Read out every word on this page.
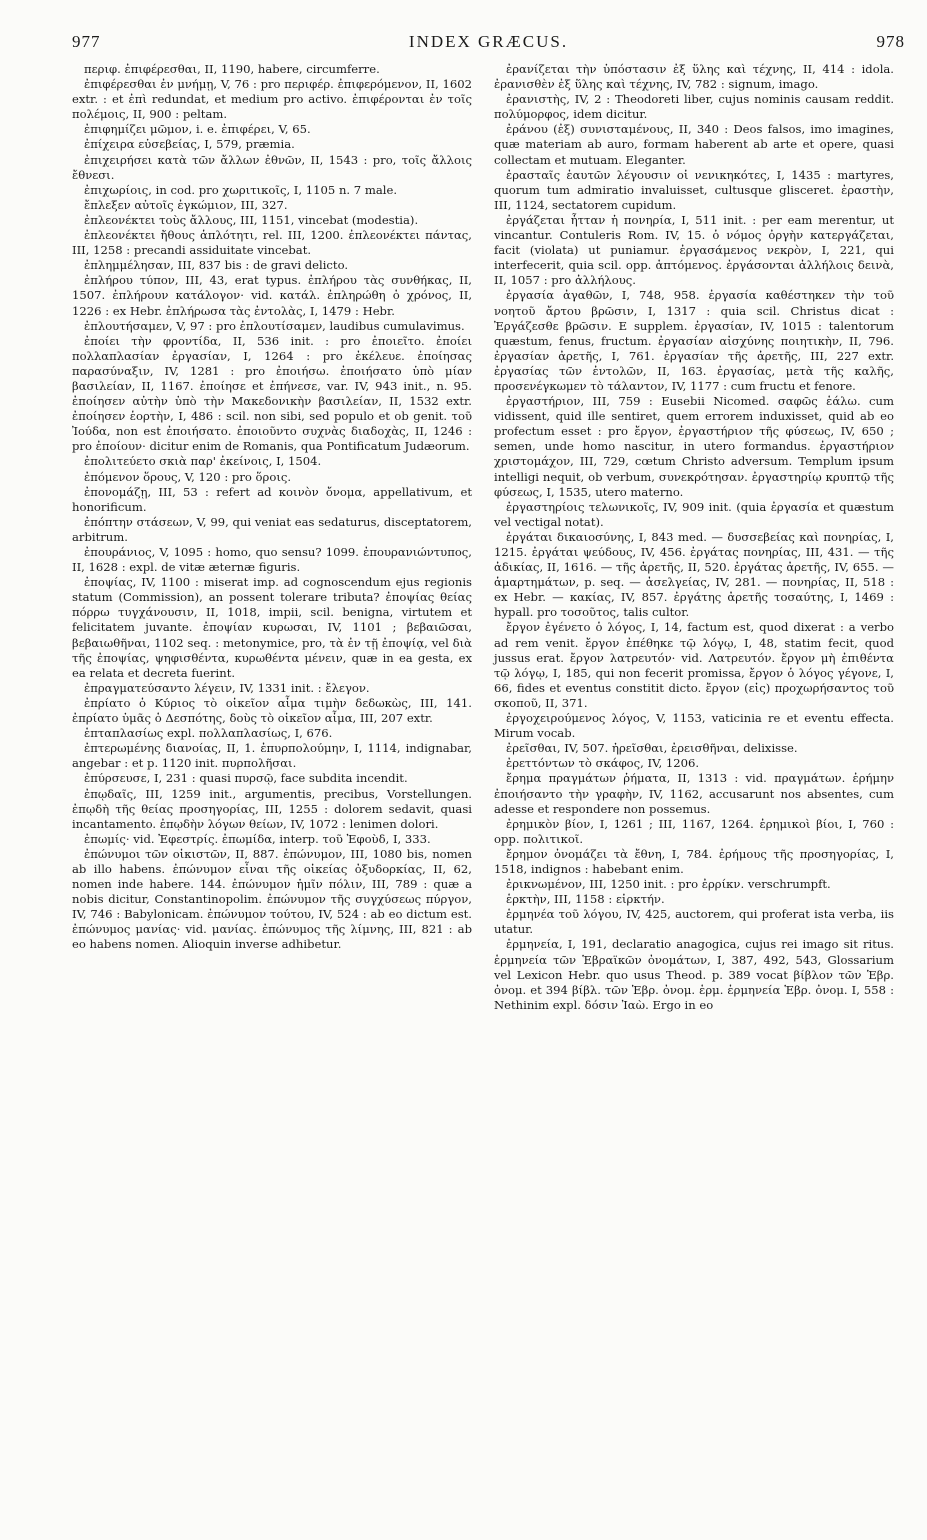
977	INDEX GRÆCUS.	978

περιφ. ἐπιφέρεσθαι, II, 1190, habere, circumferre.

ἐπιφέρεσθαι ἐν μνήμῃ, V, 76 : pro περιφέρ. ἐπιφερόμενον, II, 1602 extr. : et ἐπὶ redundat, et medium pro activo. ἐπιφέρονται ἐν τοῖς πολέμοις, II, 900 : peltam.

ἐπιφημίζει μῶμον, i. e. ἐπιφέρει, V, 65.

ἐπίχειρα εὐσεβείας, I, 579, præmia.

ἐπιχειρήσει κατὰ τῶν ἄλλων ἐθνῶν, II, 1543 : pro, τοῖς ἄλλοις ἔθνεσι.

ἐπιχωρίοις, in cod. pro χωριτικοῖς, I, 1105 n. 7 male.

ἔπλεξεν αὐτοῖς ἐγκώμιον, III, 327.

ἐπλεονέκτει τοὺς ἄλλους, III, 1151, vincebat (modestia).

ἐπλεονέκτει ἤθους ἁπλότητι, rel. III, 1200. ἐπλεονέκτει πάντας, III, 1258 : precandi assiduitate vincebat.

ἐπλημμέλησαν, III, 837 bis : de gravi delicto.

ἐπλήρου τύπον, III, 43, erat typus. ἐπλήρου τὰς συνθήκας, II, 1507. ἐπλήρουν κατάλογον· vid. κατάλ. ἐπληρώθη ὁ χρόνος, II, 1226 : ex Hebr. ἐπλήρωσα τὰς ἐντολὰς, I, 1479 : Hebr.

ἐπλουτήσαμεν, V, 97 : pro ἐπλουτίσαμεν, laudibus cumulavimus.

ἐποίει τὴν φροντίδα, II, 536 init. : pro ἐποιεῖτο. ἐποίει πολλαπλασίαν ἐργασίαν, I, 1264 : pro ἐκέλευε. ἐποίησας παρασύναξιν, IV, 1281 : pro ἐποιήσω. ἐποιήσατο ὑπὸ μίαν βασιλείαν, II, 1167. ἐποίησε et ἐπήνεσε, var. IV, 943 init., n. 95. ἐποίησεν αὐτὴν ὑπὸ τὴν Μακεδονικὴν βασιλείαν, II, 1532 extr. ἐποίησεν ἑορτὴν, I, 486 : scil. non sibi, sed populo et ob genit. τοῦ Ἰούδα, non est ἐποιήσατο. ἐποιοῦντο συχνὰς διαδοχὰς, II, 1246 : pro ἐποίουν· dicitur enim de Romanis, qua Pontificatum Judæorum.

ἐπολιτεύετο σκιὰ παρ' ἐκείνοις, I, 1504.

ἐπόμενον ὅρους, V, 120 : pro ὅροις.

ἐπονομάζῃ, III, 53 : refert ad κοινὸν ὄνομα, appellativum, et honorificum.

ἐπόπτην στάσεων, V, 99, qui veniat eas sedaturus, disceptatorem, arbitrum.

ἐπουράνιος, V, 1095 : homo, quo sensu? 1099. ἐπουρανιώντυπος, II, 1628 : expl. de vitæ æternæ figuris.

ἐποψίας, IV, 1100 : miserat imp. ad cognoscendum ejus regionis statum (Commission), an possent tolerare tributa? ἐποψίας θείας πόρρω τυγχάνουσιν, II, 1018, impii, scil. benigna, virtutem et felicitatem juvante. ἐποψίαν κυρωσαι, IV, 1101 ; βεβαιῶσαι, βεβαιωθῆναι, 1102 seq. : metonymice, pro, τὰ ἐν τῇ ἐποψίᾳ, vel διὰ τῆς ἐποψίας, ψηφισθέντα, κυρωθέντα μένειν, quæ in ea gesta, ex ea relata et decreta fuerint.

ἐπραγματεύσαντο λέγειν, IV, 1331 init. : ἔλεγον.

ἐπρίατο ὁ Κύριος τὸ οἰκεῖον αἷμα τιμὴν δεδωκὼς, III, 141. ἐπρίατο ὑμᾶς ὁ Δεσπότης, δοὺς τὸ οἰκεῖον αἷμα, III, 207 extr.

ἑπταπλασίως expl. πολλαπλασίως, I, 676.

ἐπτερωμένης διανοίας, II, 1. ἐπυρπολούμην, I, 1114, indignabar, angebar : et p. 1120 init. πυρπολῆσαι.

ἐπύρσευσε, I, 231 : quasi πυρσῷ, face subdita incendit.

ἐπῳδαῖς, III, 1259 init., argumentis, precibus, Vorstellungen. ἐπῳδὴ τῆς θείας προσηγορίας, III, 1255 : dolorem sedavit, quasi incantamento. ἐπῳδὴν λόγων θείων, IV, 1072 : lenimen dolori.

ἐπωμίς· vid. Ἐφεστρίς. ἐπωμίδα, interp. τοῦ Ἐφοὺδ, I, 333.

ἐπώνυμοι τῶν οἰκιστῶν, II, 887. ἐπώνυμον, III, 1080 bis, nomen ab illo habens. ἐπώνυμον εἶναι τῆς οἰκείας ὀξυδορκίας, II, 62, nomen inde habere. 144. ἐπώνυμον ἡμῖν πόλιν, III, 789 : quæ a nobis dicitur, Constantinopolim. ἐπώνυμον τῆς συγχύσεως πύργον, IV, 746 : Babylonicam. ἐπώνυμον τούτου, IV, 524 : ab eo dictum est. ἐπώνυμος μανίας· vid. μανίας. ἐπώνυμος τῆς λίμνης, III, 821 : ab eo habens nomen. Alioquin inverse adhibetur.

ἐρανίζεται τὴν ὑπόστασιν ἐξ ὕλης καὶ τέχνης, II, 414 : idola. ἐρανισθὲν ἐξ ὕλης καὶ τέχνης, IV, 782 : signum, imago.

ἐρανιστὴς, IV, 2 : Theodoreti liber, cujus nominis causam reddit. πολύμορφος, idem dicitur.

ἐράνου (ἐξ) συνισταμένους, II, 340 : Deos falsos, imo imagines, quæ materiam ab auro, formam haberent ab arte et opere, quasi collectam et mutuam. Eleganter.

ἐρασταῖς ἑαυτῶν λέγουσιν οἱ νενικηκότες, I, 1435 : martyres, quorum tum admiratio invaluisset, cultusque glisceret. ἐραστὴν, III, 1124, sectatorem cupidum.

ἐργάζεται ἧτταν ἡ πονηρία, I, 511 init. : per eam merentur, ut vincantur. Contuleris Rom. IV, 15. ὁ νόμος ὀργὴν κατεργάζεται, facit (violata) ut puniamur. ἐργασάμενος νεκρὸν, I, 221, qui interfecerit, quia scil. opp. ἁπτόμενος. ἐργάσονται ἀλλήλοις δεινὰ, II, 1057 : pro ἀλλήλους.

ἐργασία ἀγαθῶν, I, 748, 958. ἐργασία καθέστηκεν τὴν τοῦ νοητοῦ ἄρτου βρῶσιν, I, 1317 : quia scil. Christus dicat : Ἐργάζεσθε βρῶσιν. E supplem. ἐργασίαν, IV, 1015 : talentorum quæstum, fenus, fructum. ἐργασίαν αἰσχύνης ποιητικὴν, II, 796. ἐργασίαν ἀρετῆς, I, 761. ἐργασίαν τῆς ἀρετῆς, III, 227 extr. ἐργασίας τῶν ἐντολῶν, II, 163. ἐργασίας, μετὰ τῆς καλῆς, προσενέγκωμεν τὸ τάλαντον, IV, 1177 : cum fructu et fenore.

ἐργαστήριον, III, 759 : Eusebii Nicomed. σαφῶς ἑάλω. cum vidissent, quid ille sentiret, quem errorem induxisset, quid ab eo profectum esset : pro ἔργον, ἐργαστήριον τῆς φύσεως, IV, 650 ; semen, unde homo nascitur, in utero formandus. ἐργαστήριον χριστομάχον, III, 729, cœtum Christo adversum. Templum ipsum intelligi nequit, ob verbum, συνεκρότησαν. ἐργαστηρίῳ κρυπτῷ τῆς φύσεως, I, 1535, utero materno.

ἐργαστηρίοις τελωνικοῖς, IV, 909 init. (quia ἐργασία et quæstum vel vectigal notat).

ἐργάται δικαιοσύνης, I, 843 med. — δυσσεβείας καὶ πονηρίας, I, 1215. ἐργάται ψεύδους, IV, 456. ἐργάτας πονηρίας, III, 431. — τῆς ἀδικίας, II, 1616. — τῆς ἀρετῆς, II, 520. ἐργάτας ἀρετῆς, IV, 655. — ἁμαρτημάτων, p. seq. — ἀσελγείας, IV, 281. — πονηρίας, II, 518 : ex Hebr. — κακίας, IV, 857. ἐργάτης ἀρετῆς τοσαύτης, I, 1469 : hypall. pro τοσοῦτος, talis cultor.

ἔργον ἐγένετο ὁ λόγος, I, 14, factum est, quod dixerat : a verbo ad rem venit. ἔργον ἐπέθηκε τῷ λόγῳ, I, 48, statim fecit, quod jussus erat. ἔργον λατρευτόν· vid. Λατρευτόν. ἔργον μὴ ἐπιθέντα τῷ λόγῳ, I, 185, qui non fecerit promissa, ἔργον ὁ λόγος γέγονε, I, 66, fides et eventus constitit dicto. ἔργον (εἰς) προχωρήσαντος τοῦ σκοποῦ, II, 371.

ἐργοχειρούμενος λόγος, V, 1153, vaticinia re et eventu effecta. Mirum vocab.

ἐρεῖσθαι, IV, 507. ἠρεῖσθαι, ἐρεισθῆναι, delixisse.

ἐρεττόντων τὸ σκάφος, IV, 1206.

ἔρημα πραγμάτων ῥήματα, II, 1313 : vid. πραγμάτων. ἐρήμην ἐποιήσαντο τὴν γραφὴν, IV, 1162, accusarunt nos absentes, cum adesse et respondere non possemus.

ἐρημικὸν βίον, I, 1261 ; III, 1167, 1264. ἐρημικοὶ βίοι, I, 760 : opp. πολιτικοῖ.

ἔρημον ὀνομάζει τὰ ἔθνη, I, 784. ἐρήμους τῆς προσηγορίας, I, 1518, indignos : habebant enim.

ἐρικνωμένον, III, 1250 init. : pro ἐρρίκν. verschrumpft.

ἑρκτὴν, III, 1158 : εἱρκτήν.

ἑρμηνέα τοῦ λόγου, IV, 425, auctorem, qui proferat ista verba, iis utatur.

ἑρμηνεία, I, 191, declaratio anagogica, cujus rei imago sit ritus. ἑρμηνεία τῶν Ἑβραϊκῶν ὀνομάτων, I, 387, 492, 543, Glossarium vel Lexicon Hebr. quo usus Theod. p. 389 vocat βίβλον τῶν Ἑβρ. ὀνομ. et 394 βίβλ. τῶν Ἑβρ. ὀνομ. ἑρμ. ἑρμηνεία Ἑβρ. ὀνομ. I, 558 : Nethinim expl. δόσιν Ἰαὼ. Ergo in eo
